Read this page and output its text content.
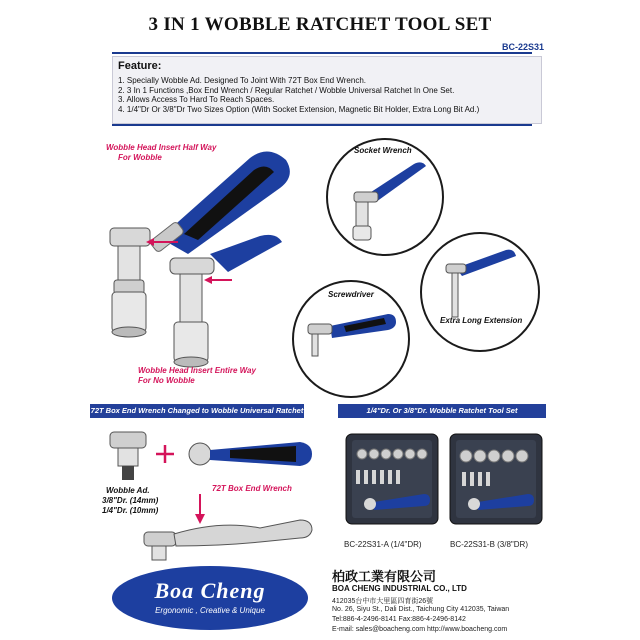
3 IN 1 WOBBLE RATCHET TOOL SET
BC-22S31
Feature:
1. Specially Wobble Ad. Designed To Joint With 72T Box End Wrench.
2. 3 In 1 Functions ,Box End Wrench / Regular Ratchet / Wobble Universal Ratchet In One Set.
3. Allows Access To Hard To Reach Spaces.
4. 1/4"Dr Or 3/8"Dr Two Sizes Option (With Socket Extension, Magnetic Bit Holder, Extra Long Bit Ad.)
Wobble Head Insert Half Way
For Wobble
Wobble Head Insert Entire Way
For No Wobble
Socket Wrench
Extra Long Extension
Screwdriver
72T Box End Wrench Changed to Wobble Universal Ratchet	1/4"Dr. Or 3/8"Dr. Wobble Ratchet Tool Set
Wobble Ad.
3/8"Dr. (14mm)
1/4"Dr. (10mm)
72T Box End Wrench
BC-22S31-A (1/4"DR)	BC-22S31-B (3/8"DR)
Boa Cheng
Ergonomic , Creative & Unique
柏政工業有限公司
BOA CHENG INDUSTRIAL CO., LTD
412035台中市大里區四育街26號
No. 26, Siyu St., Dali Dist., Taichung City 412035, Taiwan
Tel:886-4-2496-8141 Fax:886-4-2496-8142
E-mail: sales@boacheng.com http://www.boacheng.com
